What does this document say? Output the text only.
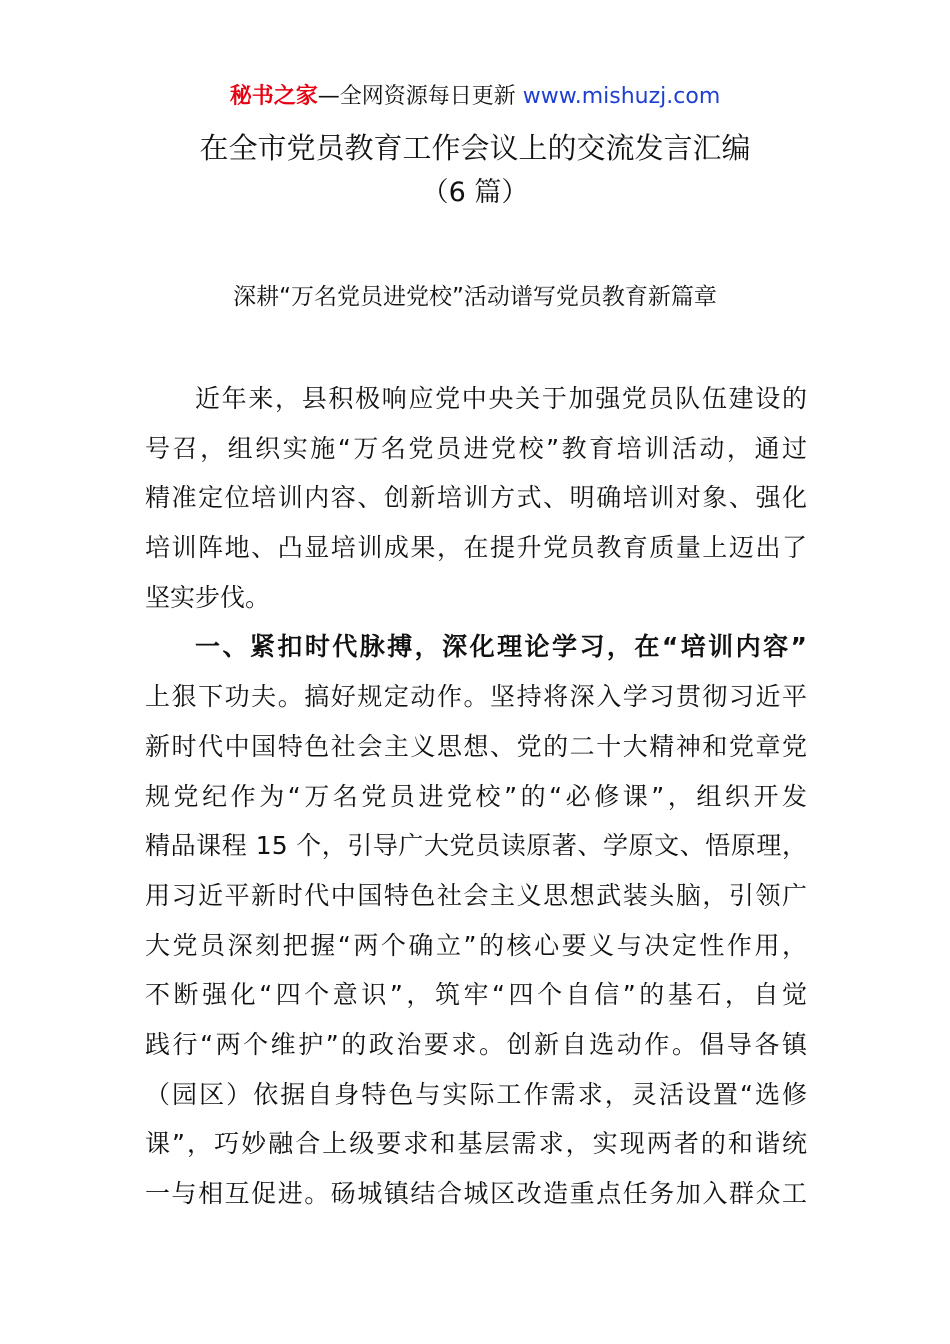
秘书之家—全网资源每日更新 www.mishuzj.com
在全市党员教育工作会议上的交流发言汇编
（6 篇）
深耕“万名党员进党校”活动谱写党员教育新篇章
近年来，县积极响应党中央关于加强党员队伍建设的
号召，组织实施“万名党员进党校”教育培训活动，通过
精准定位培训内容、创新培训方式、明确培训对象、强化
培训阵地、凸显培训成果，在提升党员教育质量上迈出了
坚实步伐。
一、紧扣时代脉搏，深化理论学习，在“培训内容”
上狠下功夫。搞好规定动作。坚持将深入学习贯彻习近平
新时代中国特色社会主义思想、党的二十大精神和党章党
规党纪作为“万名党员进党校”的“必修课”，组织开发
精品课程 15 个，引导广大党员读原著、学原文、悟原理，
用习近平新时代中国特色社会主义思想武装头脑，引领广
大党员深刻把握“两个确立”的核心要义与决定性作用，
不断强化“四个意识”，筑牢“四个自信”的基石，自觉
践行“两个维护”的政治要求。创新自选动作。倡导各镇
（园区）依据自身特色与实际工作需求，灵活设置“选修
课”，巧妙融合上级要求和基层需求，实现两者的和谐统
一与相互促进。砀城镇结合城区改造重点任务加入群众工
